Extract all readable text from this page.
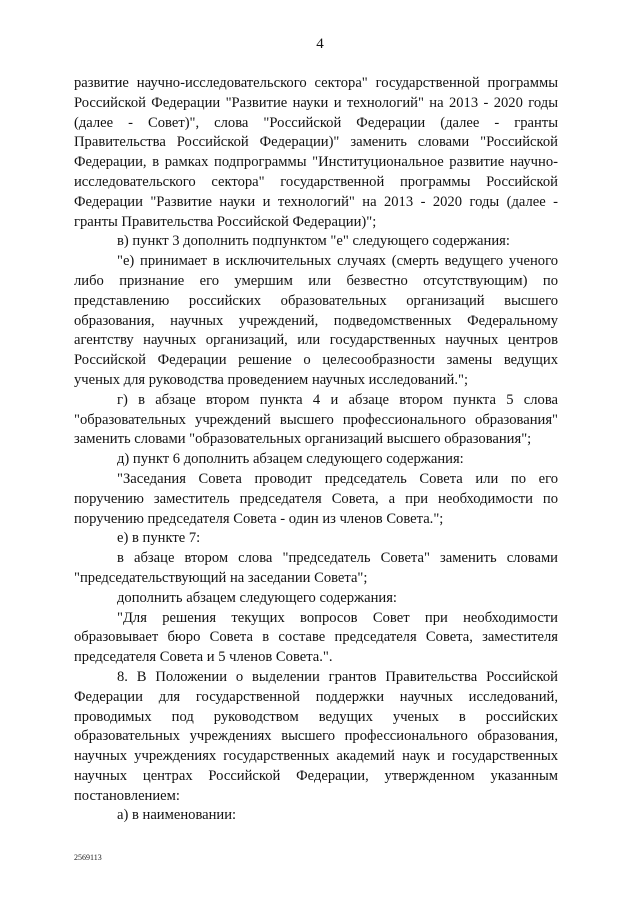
4

развитие научно-исследовательского сектора" государственной программы Российской Федерации "Развитие науки и технологий" на 2013 - 2020 годы (далее - Совет)", слова "Российской Федерации (далее - гранты Правительства Российской Федерации)" заменить словами "Российской Федерации, в рамках подпрограммы "Институциональное развитие научно-исследовательского сектора" государственной программы Российской Федерации "Развитие науки и технологий" на 2013 - 2020 годы (далее - гранты Правительства Российской Федерации)";

в) пункт 3 дополнить подпунктом "е" следующего содержания:

"е) принимает в исключительных случаях (смерть ведущего ученого либо признание его умершим или безвестно отсутствующим) по представлению российских образовательных организаций высшего образования, научных учреждений, подведомственных Федеральному агентству научных организаций, или государственных научных центров Российской Федерации решение о целесообразности замены ведущих ученых для руководства проведением научных исследований.";

г) в абзаце втором пункта 4 и абзаце втором пункта 5 слова "образовательных учреждений высшего профессионального образования" заменить словами "образовательных организаций высшего образования";

д) пункт 6 дополнить абзацем следующего содержания:

"Заседания Совета проводит председатель Совета или по его поручению заместитель председателя Совета, а при необходимости по поручению председателя Совета - один из членов Совета.";

е) в пункте 7:

в абзаце втором слова "председатель Совета" заменить словами "председательствующий на заседании Совета";

дополнить абзацем следующего содержания:

"Для решения текущих вопросов Совет при необходимости образовывает бюро Совета в составе председателя Совета, заместителя председателя Совета и 5 членов Совета.".

8. В Положении о выделении грантов Правительства Российской Федерации для государственной поддержки научных исследований, проводимых под руководством ведущих ученых в российских образовательных учреждениях высшего профессионального образования, научных учреждениях государственных академий наук и государственных научных центрах Российской Федерации, утвержденном указанным постановлением:

а) в наименовании:

2569113
